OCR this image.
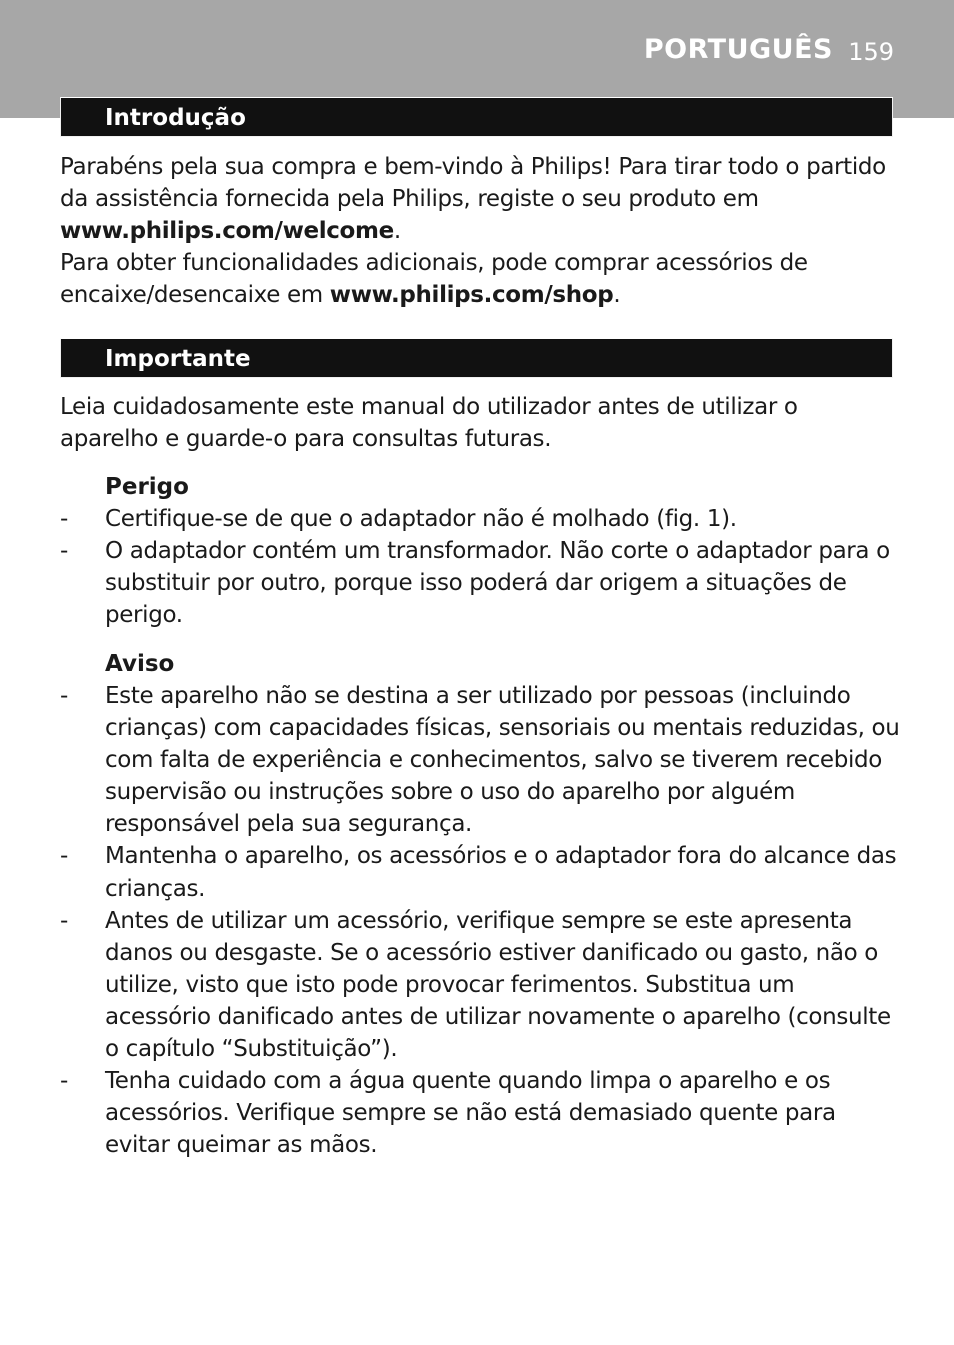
PORTUGUÊS 159
Introdução

Parabéns pela sua compra e bem-vindo à Philips! Para tirar todo o partido da assistência fornecida pela Philips, registe o seu produto em www.philips.com/welcome.

Para obter funcionalidades adicionais, pode comprar acessórios de encaixe/desencaixe em www.philips.com/shop.

Importante

Leia cuidadosamente este manual do utilizador antes de utilizar o aparelho e guarde-o para consultas futuras.

Perigo

- Certifique-se de que o adaptador não é molhado (fig. 1).
- O adaptador contém um transformador. Não corte o adaptador para o substituir por outro, porque isso poderá dar origem a situações de perigo.

Aviso

- Este aparelho não se destina a ser utilizado por pessoas (incluindo crianças) com capacidades físicas, sensoriais ou mentais reduzidas, ou com falta de experiência e conhecimentos, salvo se tiverem recebido supervisão ou instruções sobre o uso do aparelho por alguém responsável pela sua segurança.
- Mantenha o aparelho, os acessórios e o adaptador fora do alcance das crianças.
- Antes de utilizar um acessório, verifique sempre se este apresenta danos ou desgaste. Se o acessório estiver danificado ou gasto, não o utilize, visto que isto pode provocar ferimentos. Substitua um acessório danificado antes de utilizar novamente o aparelho (consulte o capítulo “Substituição”).
- Tenha cuidado com a água quente quando limpa o aparelho e os acessórios. Verifique sempre se não está demasiado quente para evitar queimar as mãos.
